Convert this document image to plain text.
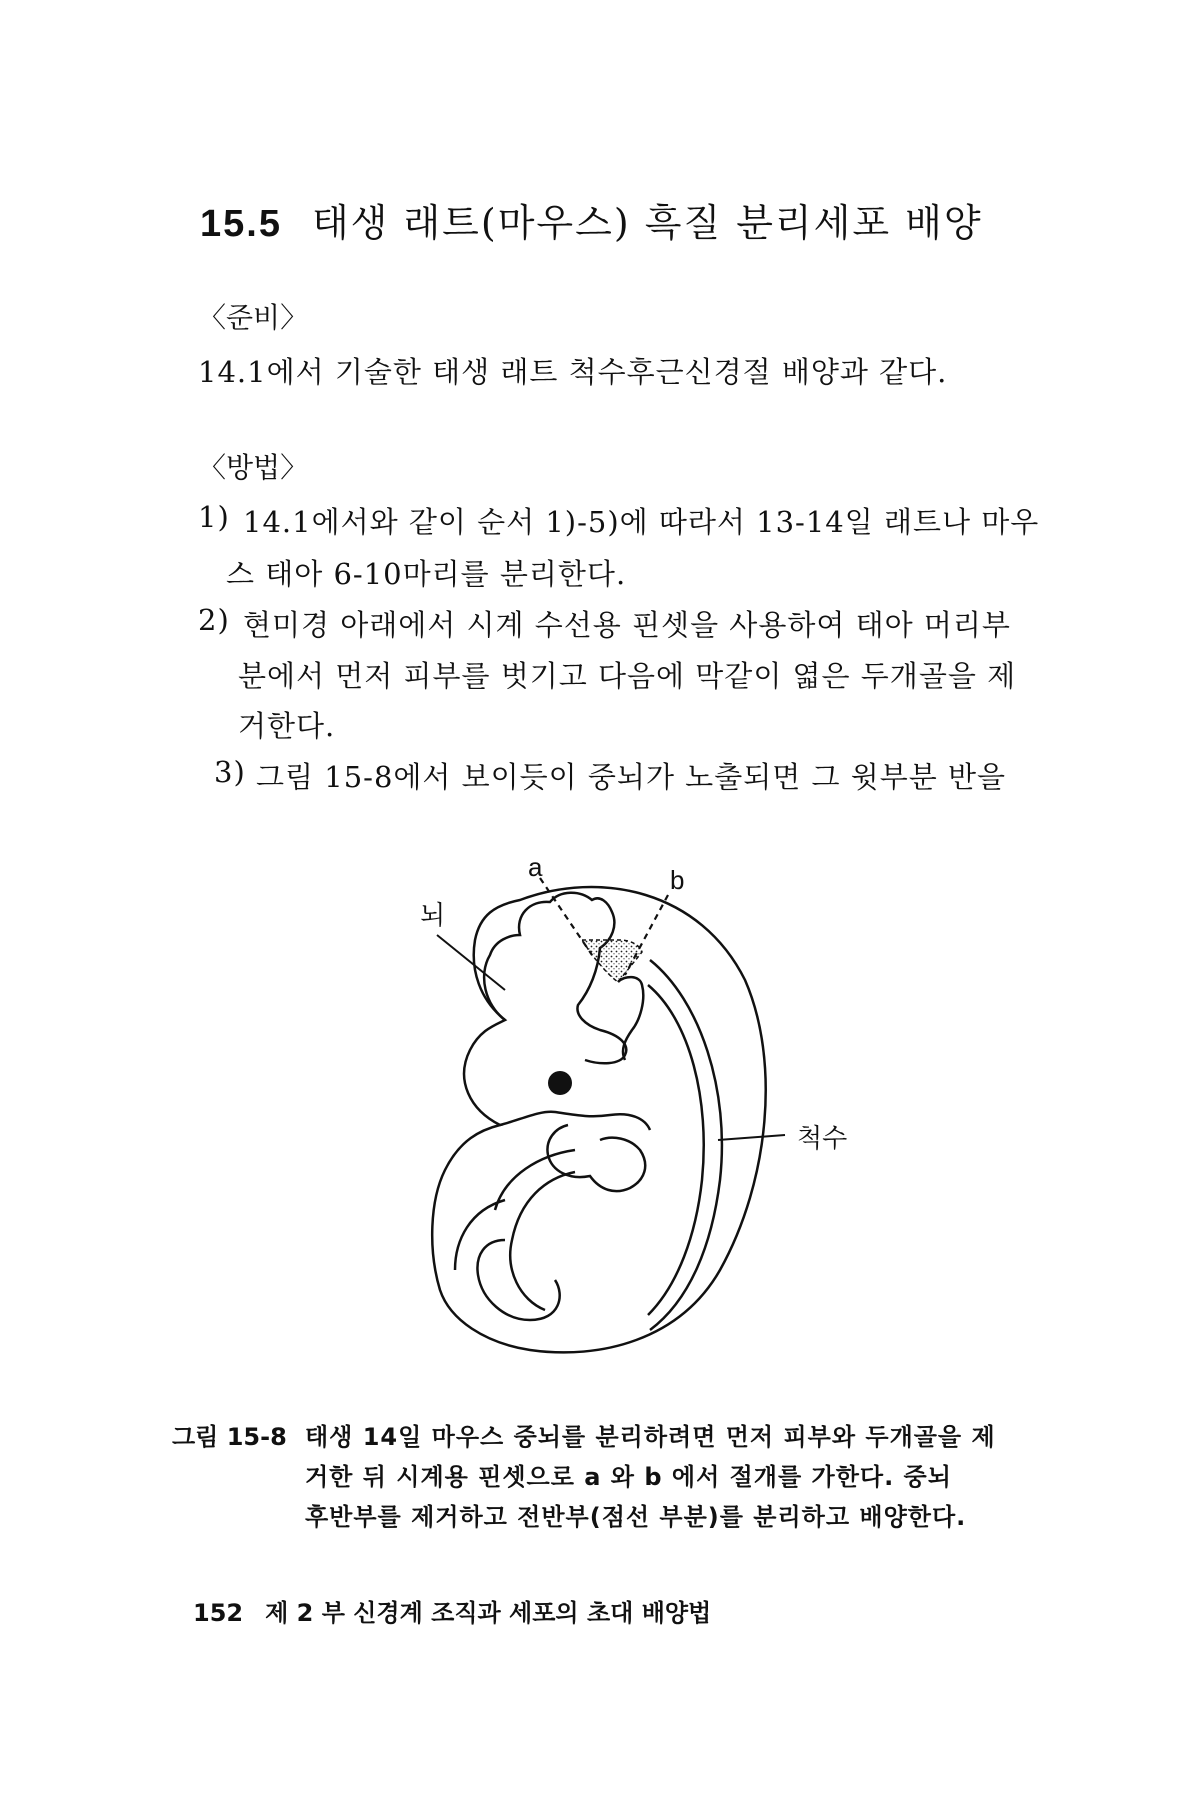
15.5 태생 래트(마우스) 흑질 분리세포 배양
〈준비〉
14.1에서 기술한 태생 래트 척수후근신경절 배양과 같다.
〈방법〉
1) 14.1에서와 같이 순서 1)-5)에 따라서 13-14일 래트나 마우
스 태아 6-10마리를 분리한다.
2) 현미경 아래에서 시계 수선용 핀셋을 사용하여 태아 머리부
분에서 먼저 피부를 벗기고 다음에 막같이 엷은 두개골을 제
거한다.
3) 그림 15-8에서 보이듯이 중뇌가 노출되면 그 윗부분 반을
a	b
뇌
척수
그림 15-8 태생 14일 마우스 중뇌를 분리하려면 먼저 피부와 두개골을 제
거한 뒤 시계용 핀셋으로 a 와 b 에서 절개를 가한다. 중뇌
후반부를 제거하고 전반부(점선 부분)를 분리하고 배양한다.
152 제 2 부 신경계 조직과 세포의 초대 배양법
